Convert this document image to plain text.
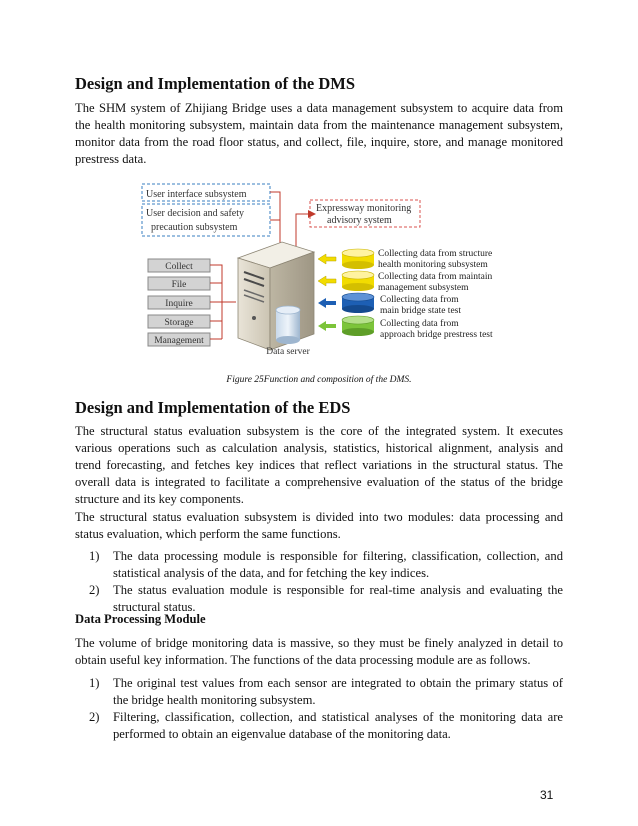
Design and Implementation of the DMS

The SHM system of Zhijiang Bridge uses a data management subsystem to acquire data from the health monitoring subsystem, maintain data from the maintenance management subsystem, monitor data from the road floor status, and collect, file, inquire, store, and manage monitored prestress data.

User interface subsystem
User decision and safety
precaution subsystem
Expressway monitoring
advisory system
Collect
File
Inquire
Storage
Management
Data server
Collecting data from structure
health monitoring subsystem
Collecting data from maintain
management subsystem
Collecting data from
main bridge state test
Collecting data from
approach bridge prestress test
Figure 25Function and composition of the DMS.
Design and Implementation of the EDS

The structural status evaluation subsystem is the core of the integrated system. It executes various operations such as calculation analysis, statistics, historical alignment, analysis and trend forecasting, and fetches key indices that reflect variations in the structural status. The overall data is integrated to facilitate a comprehensive evaluation of the status of the bridge structure and its key components.

The structural status evaluation subsystem is divided into two modules: data processing and status evaluation, which perform the same functions.

1) The data processing module is responsible for filtering, classification, collection, and statistical analysis of the data, and for fetching the key indices.
2) The status evaluation module is responsible for real-time analysis and evaluating the structural status.
Data Processing Module

The volume of bridge monitoring data is massive, so they must be finely analyzed in detail to obtain useful key information. The functions of the data processing module are as follows.

1) The original test values from each sensor are integrated to obtain the primary status of the bridge health monitoring subsystem.
2) Filtering, classification, collection, and statistical analyses of the monitoring data are performed to obtain an eigenvalue database of the monitoring data.
31
